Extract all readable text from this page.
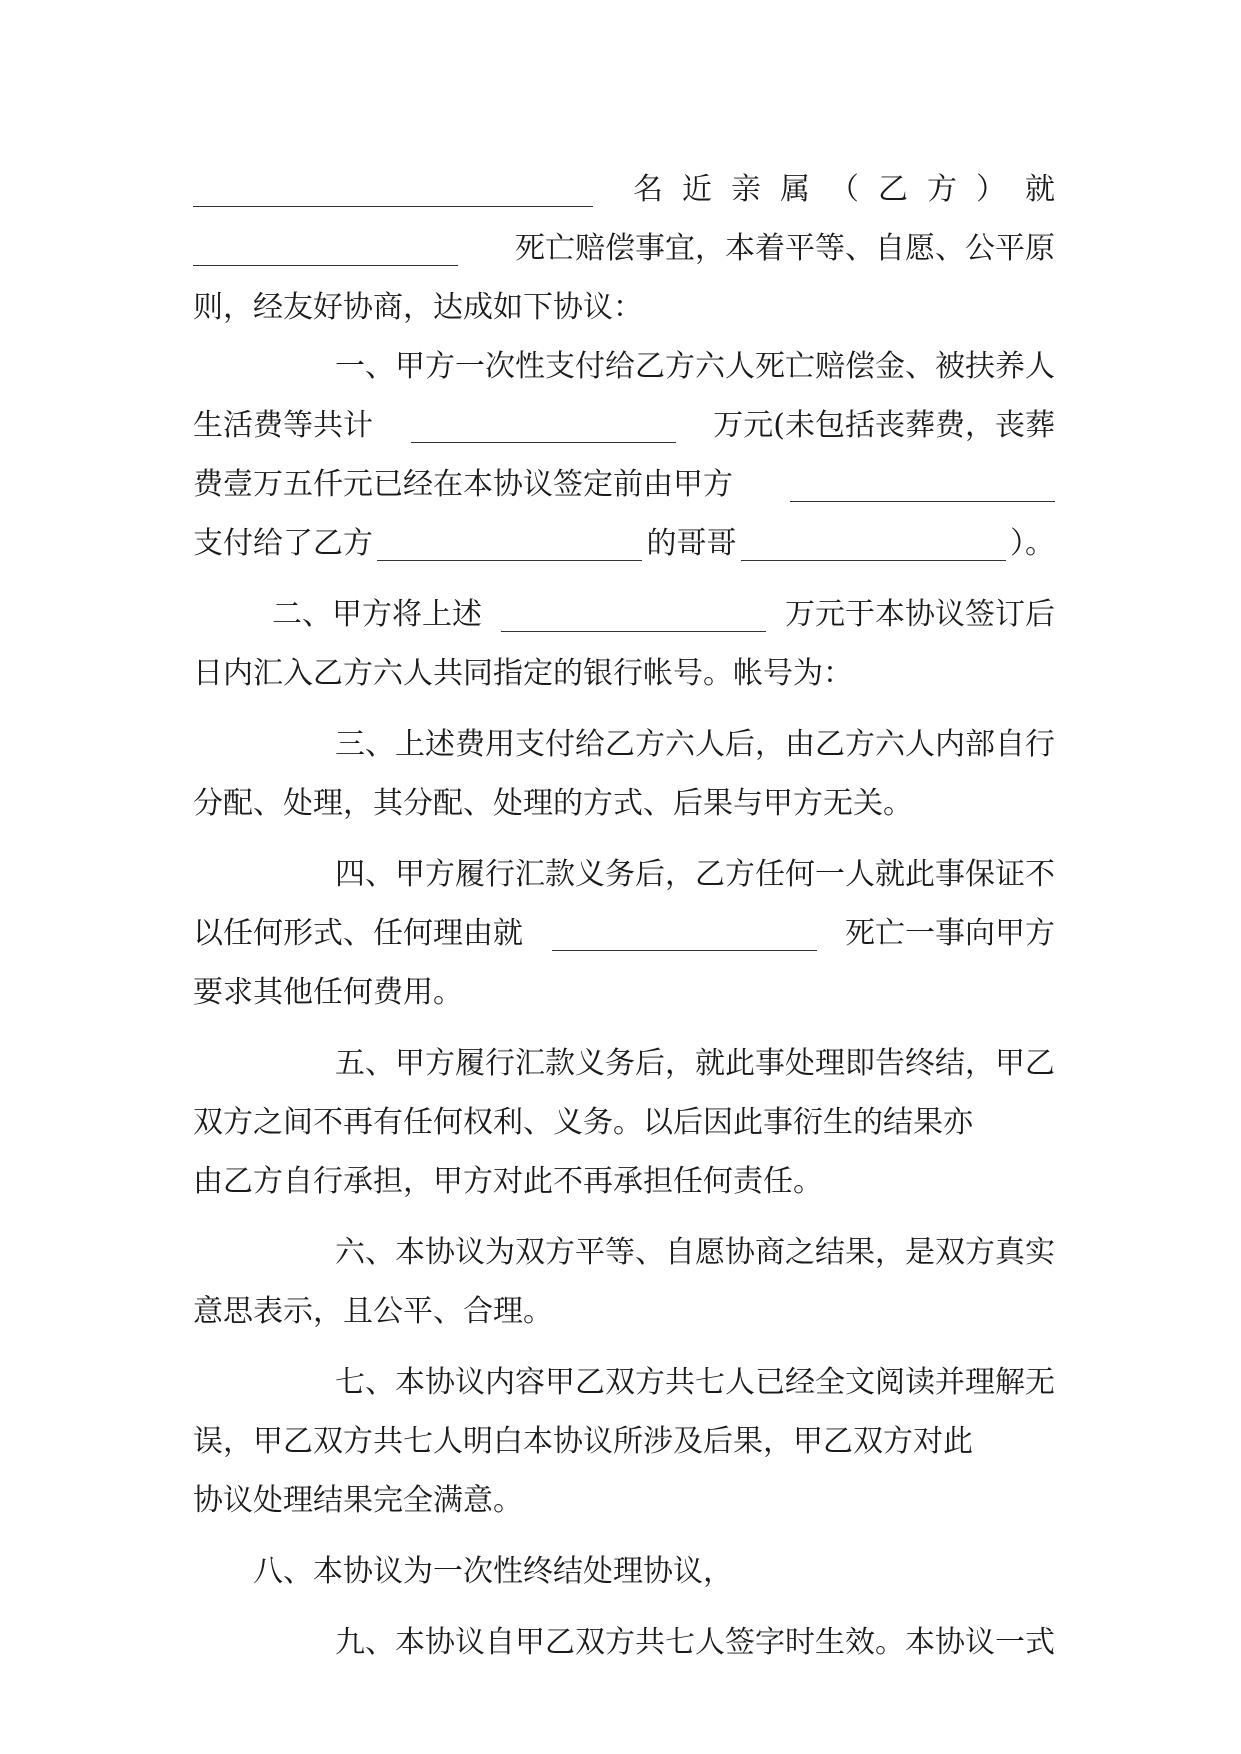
名 近 亲 属 （ 乙 方 ） 就
死亡赔偿事宜，本着平等、自愿、公平原
则，经友好协商，达成如下协议：
一、甲方一次性支付给乙方六人死亡赔偿金、被扶养人
生活费等共计	万元(未包括丧葬费，丧葬
费壹万五仟元已经在本协议签定前由甲方
支付给了乙方	的哥哥	）。
二、甲方将上述	万元于本协议签订后
日内汇入乙方六人共同指定的银行帐号。帐号为：
三、上述费用支付给乙方六人后，由乙方六人内部自行
分配、处理，其分配、处理的方式、后果与甲方无关。
四、甲方履行汇款义务后，乙方任何一人就此事保证不
以任何形式、任何理由就	死亡一事向甲方
要求其他任何费用。
五、甲方履行汇款义务后，就此事处理即告终结，甲乙
双方之间不再有任何权利、义务。以后因此事衍生的结果亦
由乙方自行承担，甲方对此不再承担任何责任。
六、本协议为双方平等、自愿协商之结果，是双方真实
意思表示，且公平、合理。
七、本协议内容甲乙双方共七人已经全文阅读并理解无
误，甲乙双方共七人明白本协议所涉及后果，甲乙双方对此
协议处理结果完全满意。
八、本协议为一次性终结处理协议，
九、本协议自甲乙双方共七人签字时生效。本协议一式
